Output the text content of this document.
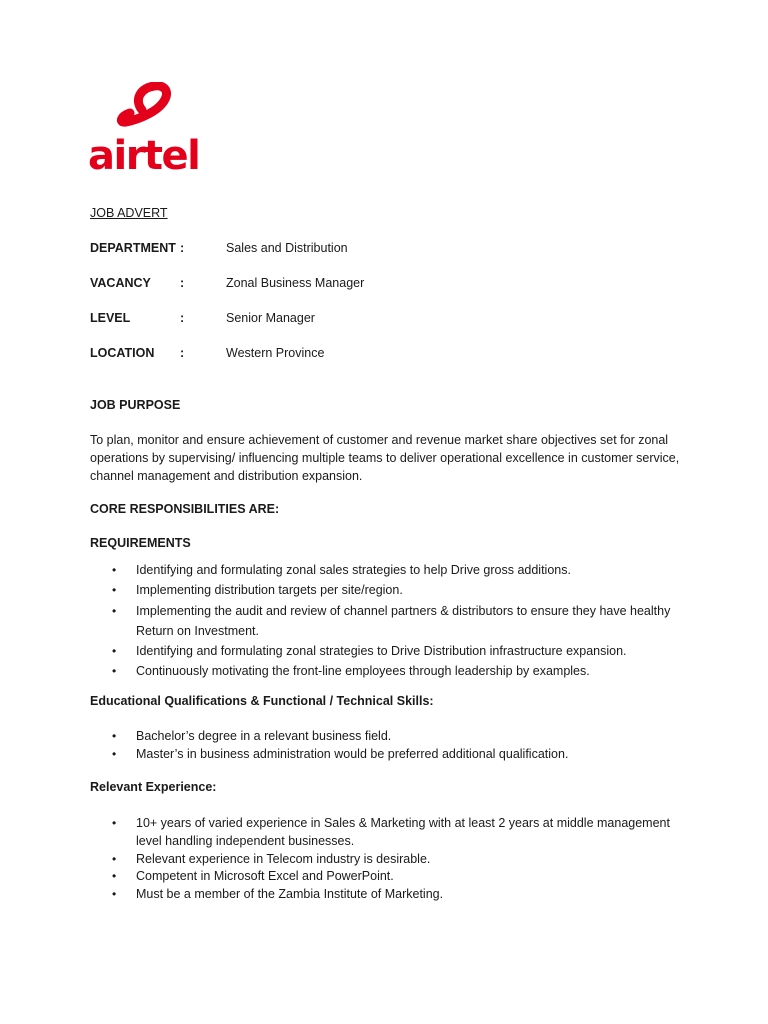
airtel
JOB ADVERT
DEPARTMENT :	Sales and Distribution
VACANCY :	Zonal Business Manager
LEVEL	:	Senior Manager
LOCATION :	Western Province
JOB PURPOSE
To plan, monitor and ensure achievement of customer and revenue market share objectives set for zonal operations by supervising/ influencing multiple teams to deliver operational excellence in customer service, channel management and distribution expansion.
CORE RESPONSIBILITIES ARE:
REQUIREMENTS
• Identifying and formulating zonal sales strategies to help Drive gross additions.
• Implementing distribution targets per site/region.
• Implementing the audit and review of channel partners & distributors to ensure they have healthy Return on Investment.
• Identifying and formulating zonal strategies to Drive Distribution infrastructure expansion.
• Continuously motivating the front-line employees through leadership by examples.
Educational Qualifications & Functional / Technical Skills:
• Bachelor’s degree in a relevant business field.
• Master’s in business administration would be preferred additional qualification.
Relevant Experience:
• 10+ years of varied experience in Sales & Marketing with at least 2 years at middle management level handling independent businesses.
• Relevant experience in Telecom industry is desirable.
• Competent in Microsoft Excel and PowerPoint.
• Must be a member of the Zambia Institute of Marketing.
